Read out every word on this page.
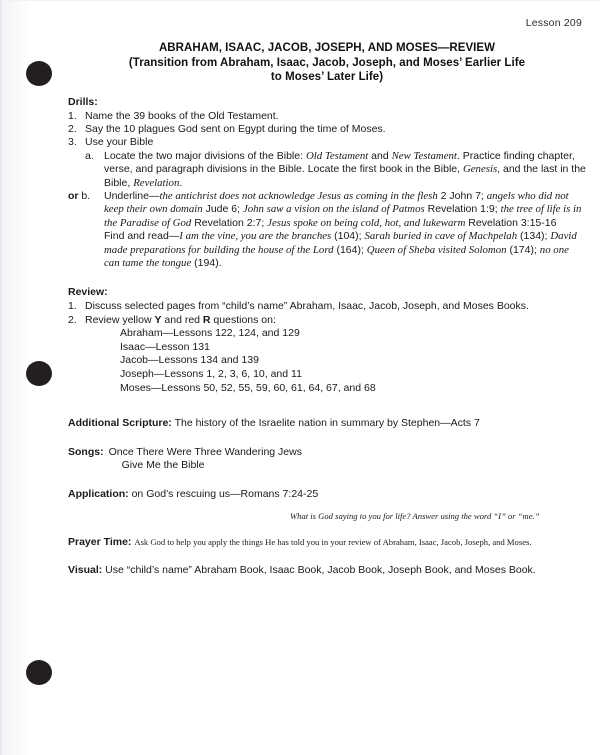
Lesson 209
ABRAHAM, ISAAC, JACOB, JOSEPH, AND MOSES—REVIEW
(Transition from Abraham, Isaac, Jacob, Joseph, and Moses’ Earlier Life
to Moses’ Later Life)
Drills:
1. Name the 39 books of the Old Testament.
2. Say the 10 plagues God sent on Egypt during the time of Moses.
3. Use your Bible
a. Locate the two major divisions of the Bible: Old Testament and New Testament. Practice finding chapter, verse, and paragraph divisions in the Bible. Locate the first book in the Bible, Genesis, and the last in the Bible, Revelation.
or b.	Underline—the antichrist does not acknowledge Jesus as coming in the flesh 2 John 7; angels who did not keep their own domain Jude 6; John saw a vision on the island of Patmos Revelation 1:9; the tree of life is in the Paradise of God Revelation 2:7; Jesus spoke on being cold, hot, and lukewarm Revelation 3:15-16
Find and read—I am the vine, you are the branches (104); Sarah buried in cave of Machpelah (134); David made preparations for building the house of the Lord (164); Queen of Sheba visited Solomon (174); no one can tame the tongue (194).
Review:
1. Discuss selected pages from “child’s name” Abraham, Isaac, Jacob, Joseph, and Moses Books.
2. Review yellow Y and red R questions on:
Abraham—Lessons 122, 124, and 129
Isaac—Lesson 131
Jacob—Lessons 134 and 139
Joseph—Lessons 1, 2, 3, 6, 10, and 11
Moses—Lessons 50, 52, 55, 59, 60, 61, 64, 67, and 68
Additional Scripture: The history of the Israelite nation in summary by Stephen—Acts 7
Songs: Once There Were Three Wandering Jews
Give Me the Bible
Application: on God’s rescuing us—Romans 7:24-25
What is God saying to you for life? Answer using the word “I” or “me.”
Prayer Time: Ask God to help you apply the things He has told you in your review of Abraham, Isaac, Jacob, Joseph, and Moses.
Visual: Use “child’s name” Abraham Book, Isaac Book, Jacob Book, Joseph Book, and Moses Book.
